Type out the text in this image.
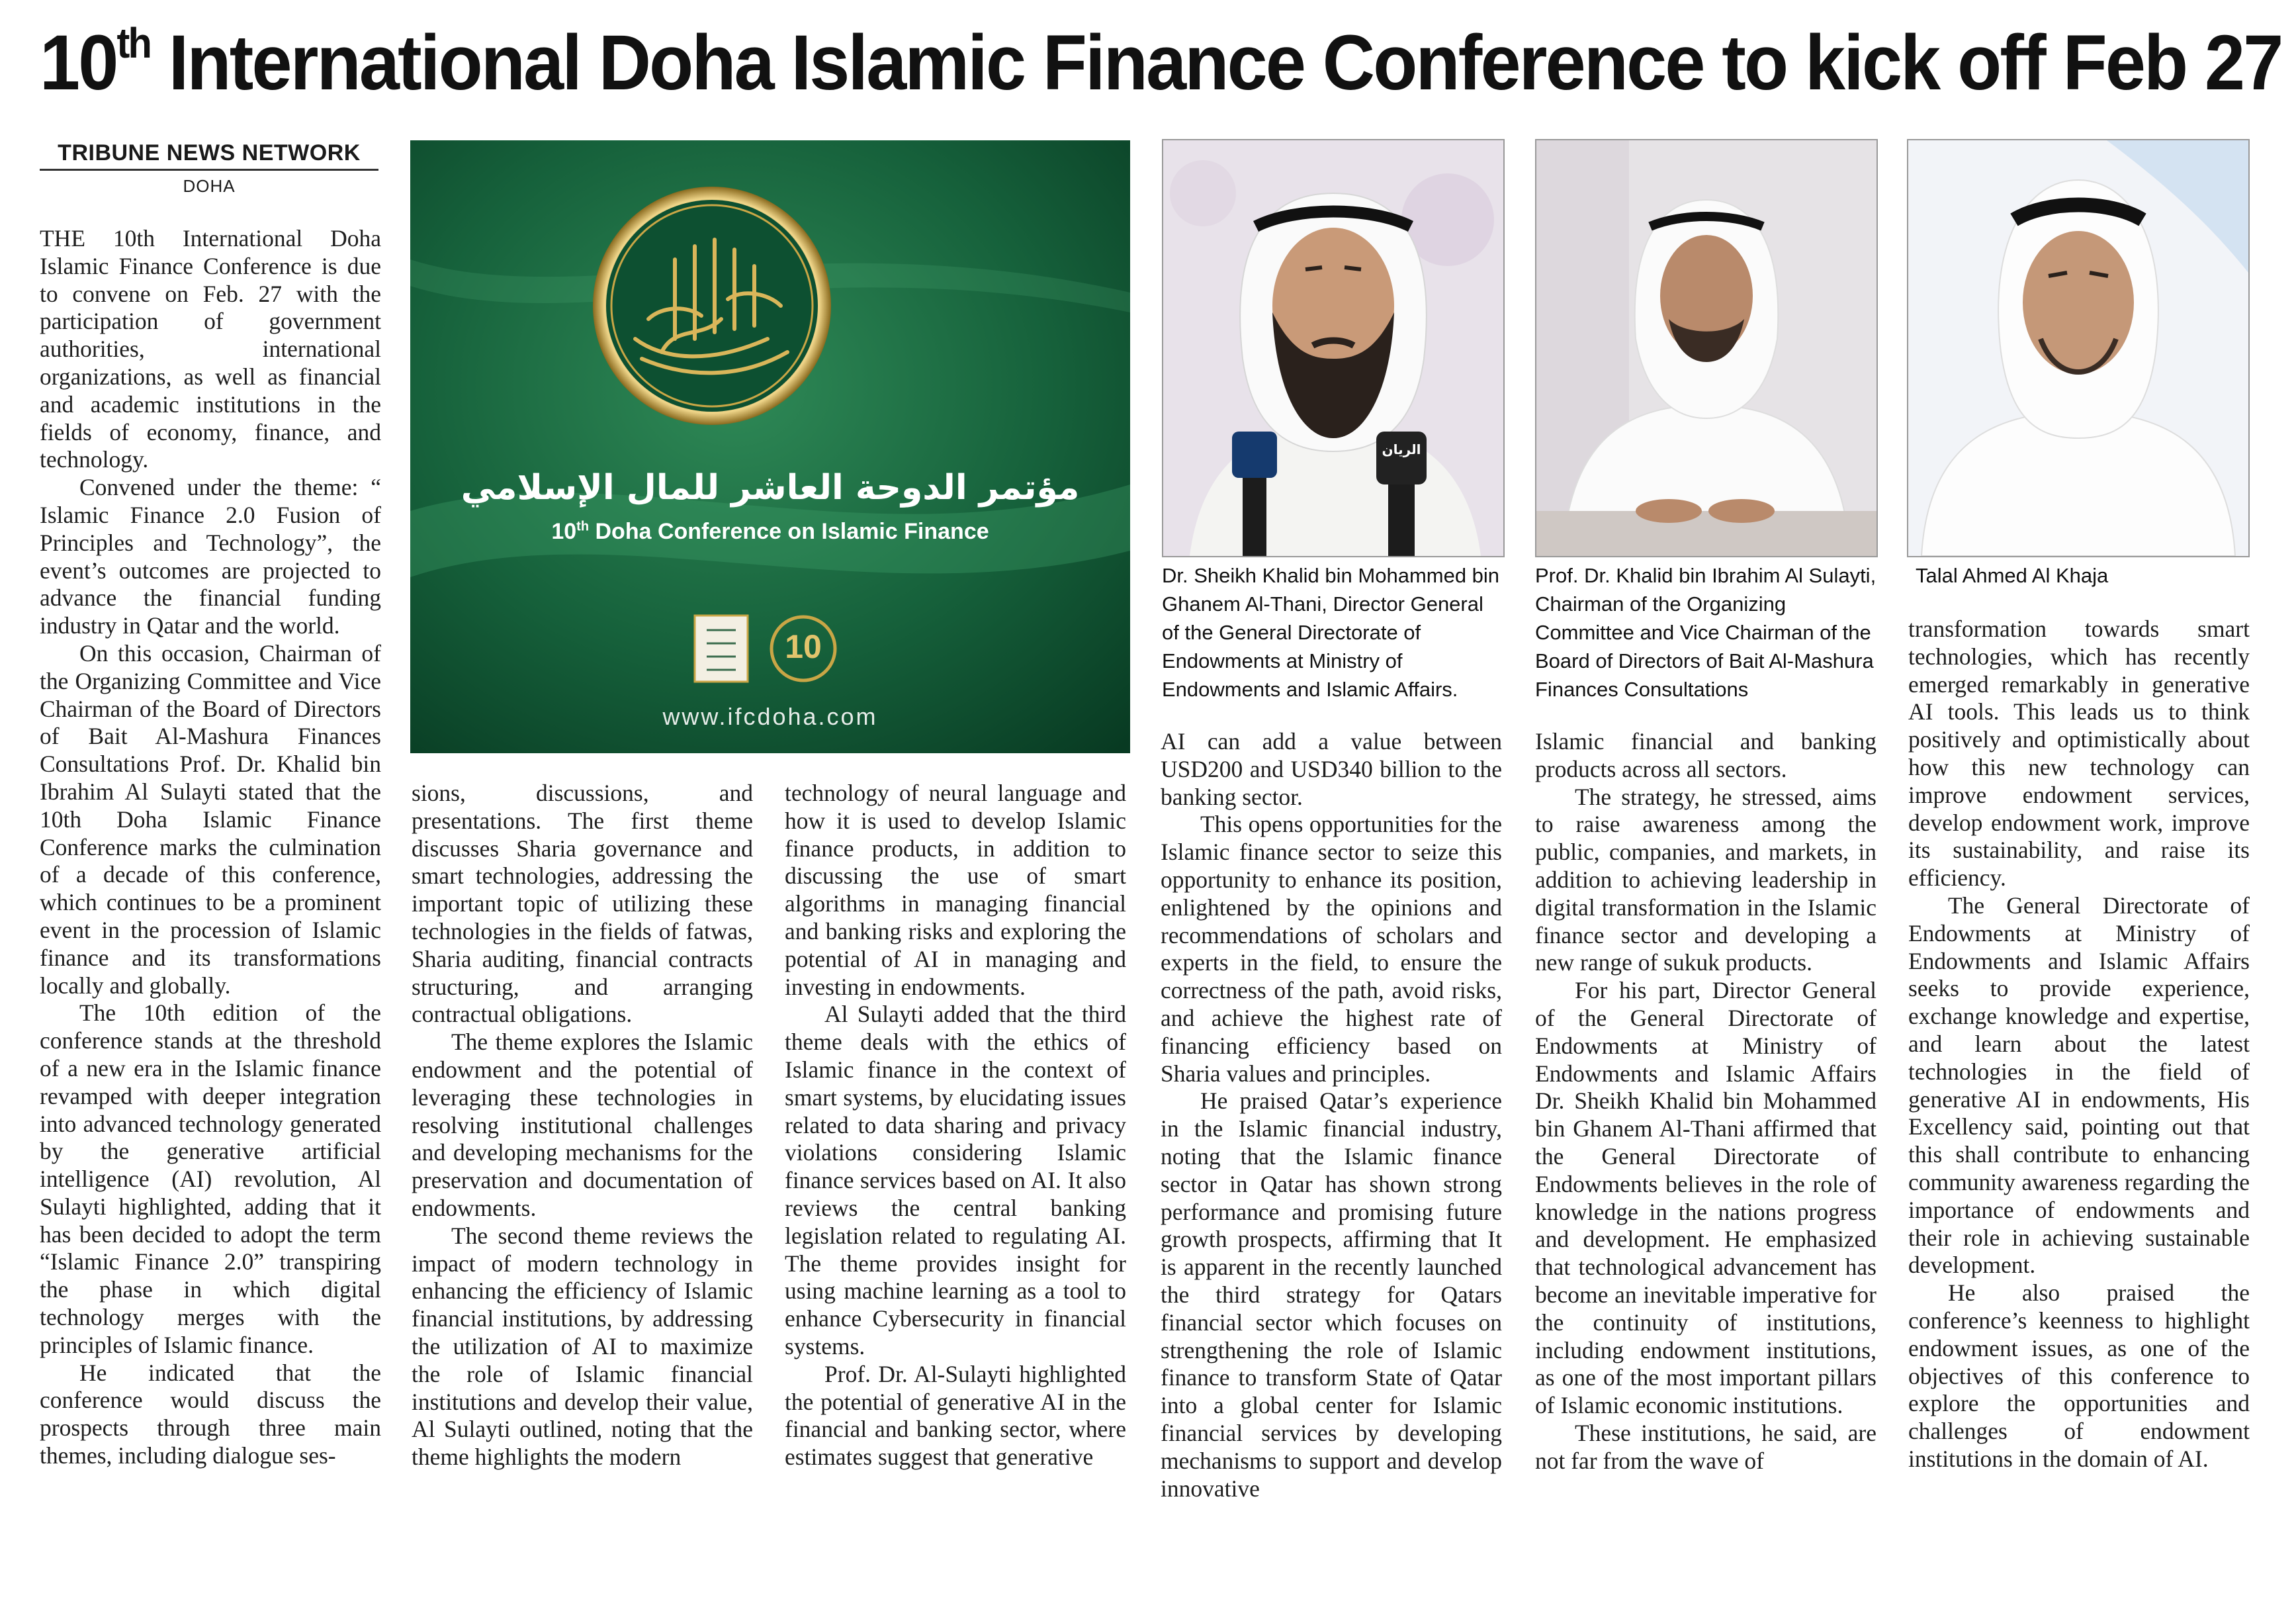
10th International Doha Islamic Finance Conference to kick off Feb 27
TRIBUNE NEWS NETWORK
DOHA
مؤتمر الدوحة العاشر للمال الإسلامي
10th Doha Conference on Islamic Finance
10
www.ifcdoha.com
الريان
Dr. Sheikh Khalid bin Mohammed bin Ghanem Al-Thani, Director General of the General Directorate of Endowments at Ministry of Endowments and Islamic Affairs.
Prof. Dr. Khalid bin Ibrahim Al Sulayti, Chairman of the Organizing Committee and Vice Chairman of the Board of Directors of Bait Al-Mashura Finances Consultations
Talal Ahmed Al Khaja

THE 10th International Doha Islamic Finance Conference is due to convene on Feb. 27 with the participation of government authorities, international organizations, as well as financial and academic institutions in the fields of economy, finance, and technology.

Convened under the theme: “ Islamic Finance 2.0 Fusion of Principles and Technology”, the event’s outcomes are projected to advance the financial funding industry in Qatar and the world.

On this occasion, Chairman of the Organizing Committee and Vice Chairman of the Board of Directors of Bait Al-Mashura Finances Consultations Prof. Dr. Khalid bin Ibrahim Al Sulayti stated that the 10th Doha Islamic Finance Conference marks the culmination of a decade of this conference, which continues to be a prominent event in the procession of Islamic finance and its transformations locally and globally.

The 10th edition of the conference stands at the threshold of a new era in the Islamic finance revamped with deeper integration into advanced technology generated by the generative artificial intelligence (AI) revolution, Al Sulayti highlighted, adding that it has been decided to adopt the term “Islamic Finance 2.0” transpiring the phase in which digital technology merges with the principles of Islamic finance.

He indicated that the conference would discuss the prospects through three main themes, including dialogue ses-

sions, discussions, and presentations. The first theme discusses Sharia governance and smart technologies, addressing the important topic of utilizing these technologies in the fields of fatwas, Sharia auditing, financial contracts structuring, and arranging contractual obligations.

The theme explores the Islamic endowment and the potential of leveraging these technologies in resolving institutional challenges and developing mechanisms for the preservation and documentation of endowments.

The second theme reviews the impact of modern technology in enhancing the efficiency of Islamic financial institutions, by addressing the utilization of AI to maximize the role of Islamic financial institutions and develop their value, Al Sulayti outlined, noting that the theme highlights the modern

technology of neural language and how it is used to develop Islamic finance products, in addition to discussing the use of smart algorithms in managing financial and banking risks and exploring the potential of AI in managing and investing in endowments.

Al Sulayti added that the third theme deals with the ethics of Islamic finance in the context of smart systems, by elucidating issues related to data sharing and privacy violations considering Islamic finance services based on AI. It also reviews the central banking legislation related to regulating AI. The theme provides insight for using machine learning as a tool to enhance Cybersecurity in financial systems.

Prof. Dr. Al-Sulayti highlighted the potential of generative AI in the financial and banking sector, where estimates suggest that generative

AI can add a value between USD200 and USD340 billion to the banking sector.

This opens opportunities for the Islamic finance sector to seize this opportunity to enhance its position, enlightened by the opinions and recommendations of scholars and experts in the field, to ensure the correctness of the path, avoid risks, and achieve the highest rate of financing efficiency based on Sharia values and principles.

He praised Qatar’s experience in the Islamic financial industry, noting that the Islamic finance sector in Qatar has shown strong performance and promising future growth prospects, affirming that It is apparent in the recently launched the third strategy for Qatars financial sector which focuses on strengthening the role of Islamic finance to transform State of Qatar into a global center for Islamic financial services by developing mechanisms to support and develop innovative

Islamic financial and banking products across all sectors.

The strategy, he stressed, aims to raise awareness among the public, companies, and markets, in addition to achieving leadership in digital transformation in the Islamic finance sector and developing a new range of sukuk products.

For his part, Director General of the General Directorate of Endowments at Ministry of Endowments and Islamic Affairs Dr. Sheikh Khalid bin Mohammed bin Ghanem Al-Thani affirmed that the General Directorate of Endowments believes in the role of knowledge in the nations progress and development. He emphasized that technological advancement has become an inevitable imperative for the continuity of institutions, including endowment institutions, as one of the most important pillars of Islamic economic institutions.

These institutions, he said, are not far from the wave of

transformation towards smart technologies, which has recently emerged remarkably in generative AI tools. This leads us to think positively and optimistically about how this new technology can improve endowment services, develop endowment work, improve its sustainability, and raise its efficiency.

The General Directorate of Endowments at Ministry of Endowments and Islamic Affairs seeks to provide experience, exchange knowledge and expertise, and learn about the latest technologies in the field of generative AI in endowments, His Excellency said, pointing out that this shall contribute to enhancing community awareness regarding the importance of endowments and their role in achieving sustainable development.

He also praised the conference’s keenness to highlight endowment issues, as one of the objectives of this conference to explore the opportunities and challenges of endowment institutions in the domain of AI.
